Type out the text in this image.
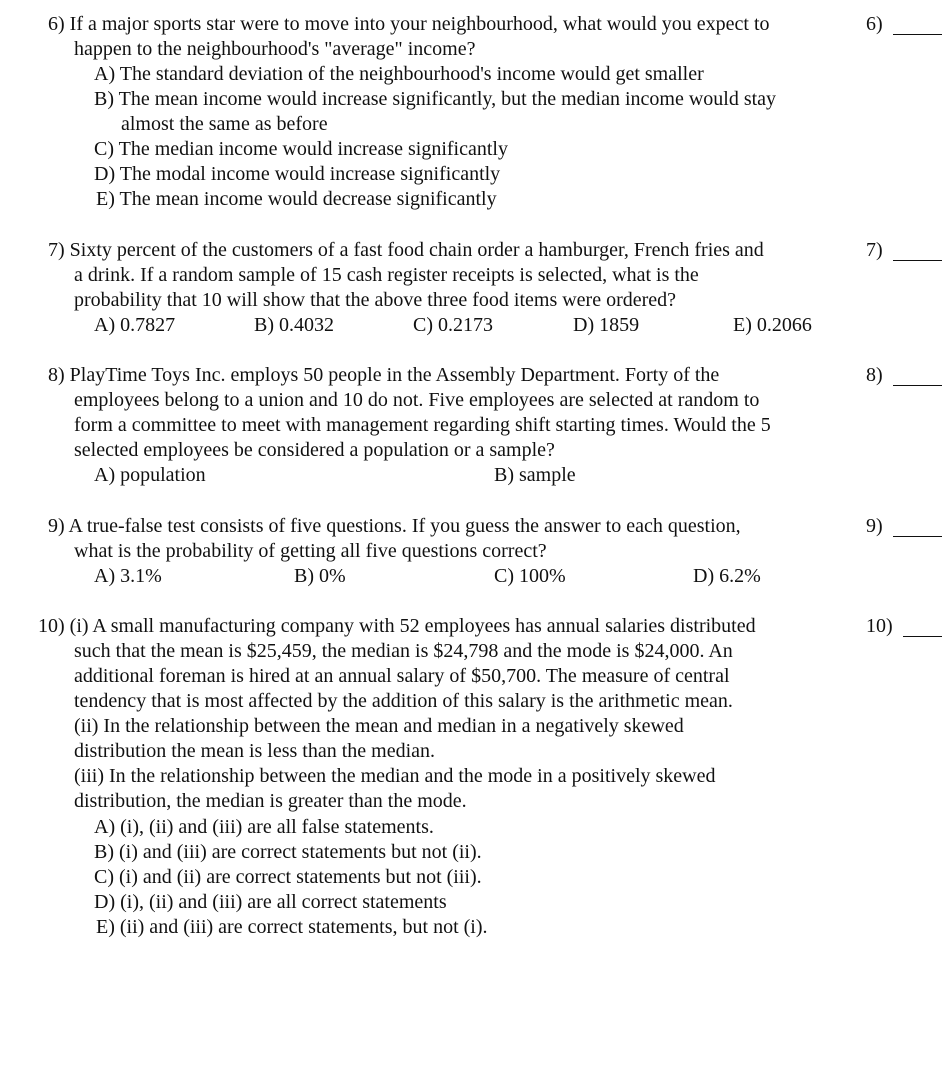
6) If a major sports star were to move into your neighbourhood, what would you expect to
happen to the neighbourhood's "average" income?
A) The standard deviation of the neighbourhood's income would get smaller
B) The mean income would increase significantly, but the median income would stay
almost the same as before
C) The median income would increase significantly
D) The modal income would increase significantly
E) The mean income would decrease significantly
6)
7) Sixty percent of the customers of a fast food chain order a hamburger, French fries and
a drink. If a random sample of 15 cash register receipts is selected, what is the
probability that 10 will show that the above three food items were ordered?
A) 0.7827	B) 0.4032	C) 0.2173	D) 1859	E) 0.2066
7)
8) PlayTime Toys Inc. employs 50 people in the Assembly Department. Forty of the
employees belong to a union and 10 do not. Five employees are selected at random to
form a committee to meet with management regarding shift starting times. Would the 5
selected employees be considered a population or a sample?
A) population	B) sample
8)
9) A true-false test consists of five questions. If you guess the answer to each question,
what is the probability of getting all five questions correct?
A) 3.1%	B) 0%	C) 100%	D) 6.2%
9)
10) (i) A small manufacturing company with 52 employees has annual salaries distributed
such that the mean is $25,459, the median is $24,798 and the mode is $24,000. An
additional foreman is hired at an annual salary of $50,700. The measure of central
tendency that is most affected by the addition of this salary is the arithmetic mean.
(ii) In the relationship between the mean and median in a negatively skewed
distribution the mean is less than the median.
(iii) In the relationship between the median and the mode in a positively skewed
distribution, the median is greater than the mode.
A) (i), (ii) and (iii) are all false statements.
B) (i) and (iii) are correct statements but not (ii).
C) (i) and (ii) are correct statements but not (iii).
D) (i), (ii) and (iii) are all correct statements
E) (ii) and (iii) are correct statements, but not (i).
10)
